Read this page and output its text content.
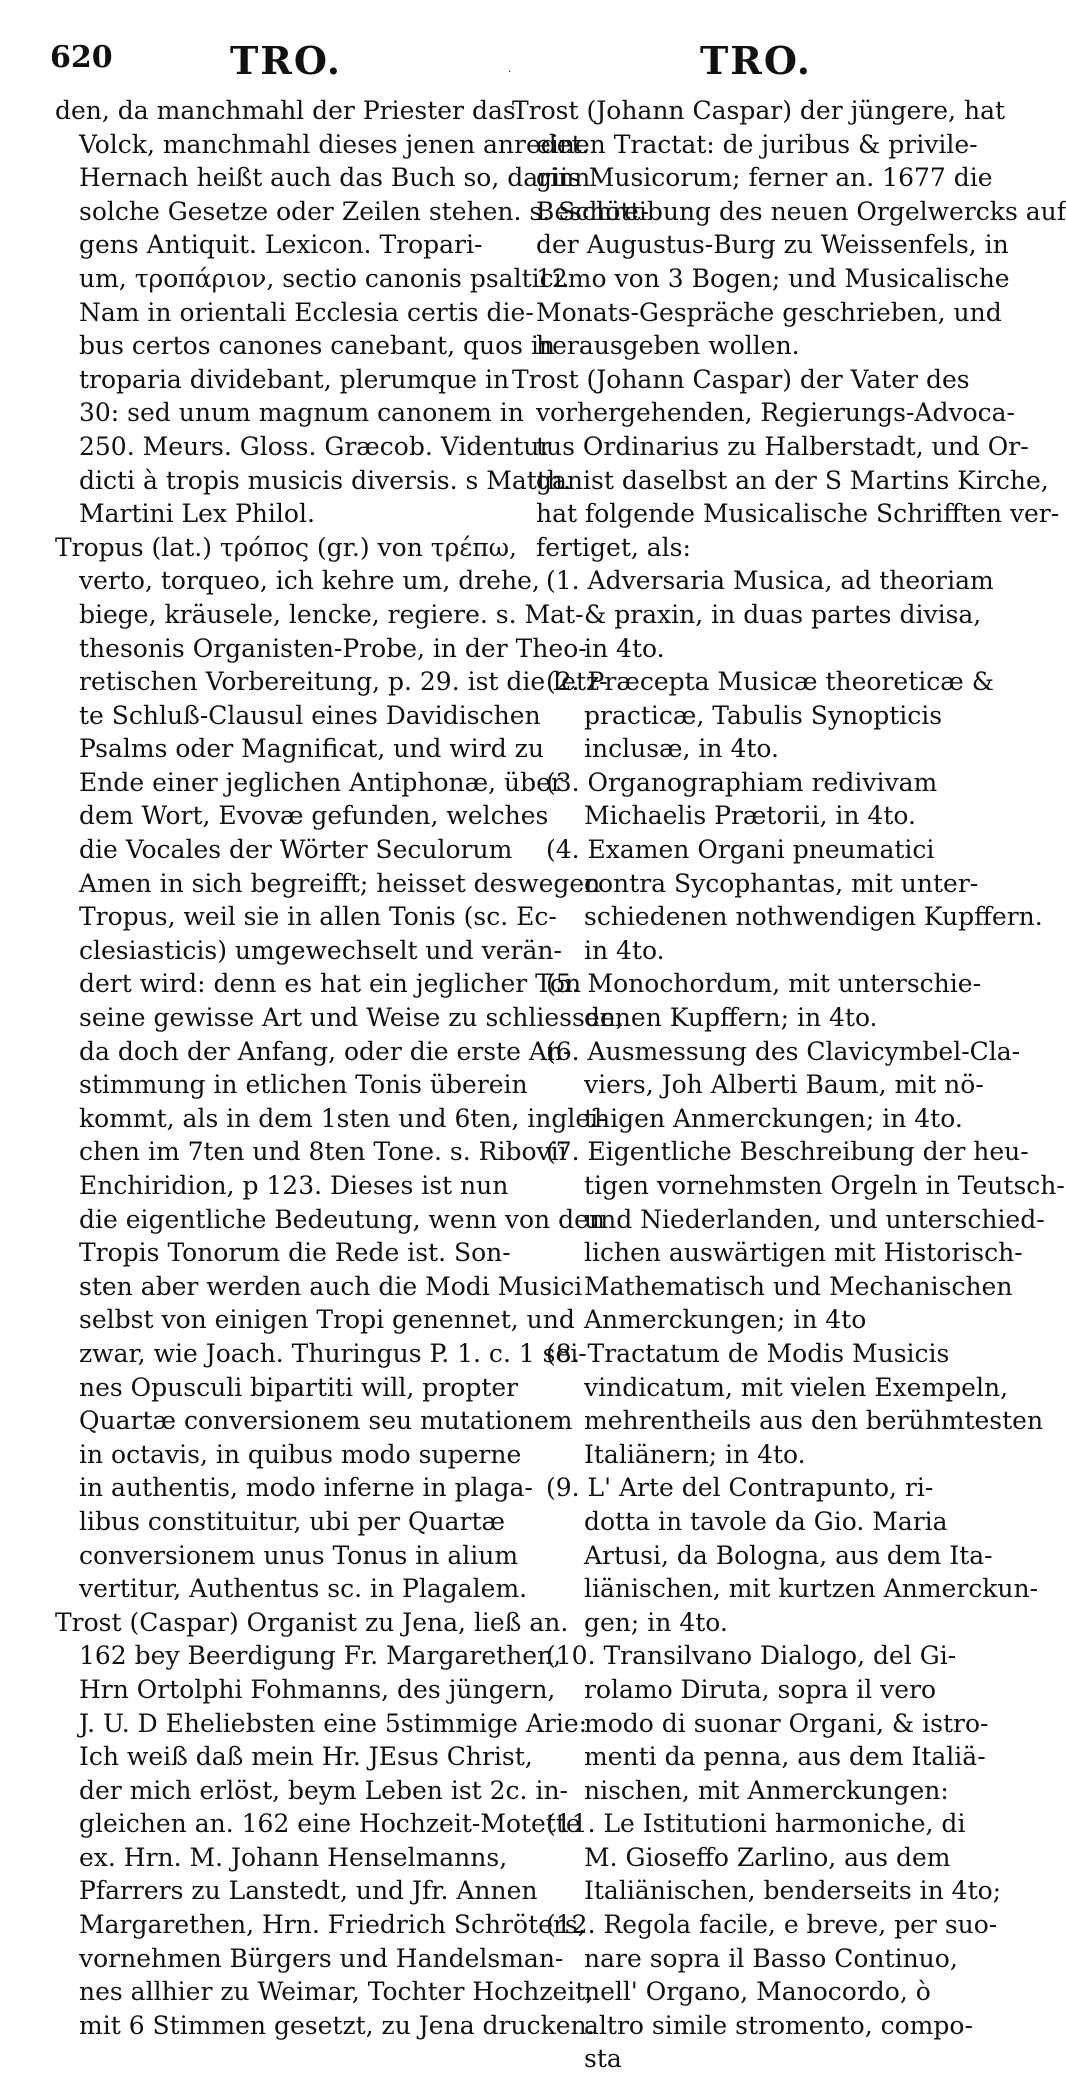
620	TRO.	.	TRO.
den, da manchmahl der Priester das
Volck, manchmahl dieses jenen anredet.
Hernach heißt auch das Buch so, darinn
solche Gesetze oder Zeilen stehen. s. Schött-
gens Antiquit. Lexicon. Tropari-
um, τροπάριον, sectio canonis psaltici.
Nam in orientali Ecclesia certis die-
bus certos canones canebant, quos in
troparia dividebant, plerumque in
30: sed unum magnum canonem in
250. Meurs. Gloss. Græcob. Videntur
dicti à tropis musicis diversis. s Matth.
Martini Lex Philol.
Tropus (lat.) τρόπος (gr.) von τρέπω,
verto, torqueo, ich kehre um, drehe,
biege, kräusele, lencke, regiere. s. Mat-
thesonis Organisten-Probe, in der Theo-
retischen Vorbereitung, p. 29. ist die letz-
te Schluß-Clausul eines Davidischen
Psalms oder Magnificat, und wird zu
Ende einer jeglichen Antiphonæ, über
dem Wort, Evovæ gefunden, welches
die Vocales der Wörter Seculorum
Amen in sich begreifft; heisset deswegen
Tropus, weil sie in allen Tonis (sc. Ec-
clesiasticis) umgewechselt und verän-
dert wird: denn es hat ein jeglicher Ton
seine gewisse Art und Weise zu schliessen,
da doch der Anfang, oder die erste An-
stimmung in etlichen Tonis überein
kommt, als in dem 1sten und 6ten, inglei-
chen im 7ten und 8ten Tone. s. Ribovii
Enchiridion, p 123. Dieses ist nun
die eigentliche Bedeutung, wenn von den
Tropis Tonorum die Rede ist. Son-
sten aber werden auch die Modi Musici
selbst von einigen Tropi genennet, und
zwar, wie Joach. Thuringus P. 1. c. 1 sei-
nes Opusculi bipartiti will, propter
Quartæ conversionem seu mutationem
in octavis, in quibus modo superne
in authentis, modo inferne in plaga-
libus constituitur, ubi per Quartæ
conversionem unus Tonus in alium
vertitur, Authentus sc. in Plagalem.
Trost (Caspar) Organist zu Jena, ließ an.
162 bey Beerdigung Fr. Margarethen,
Hrn Ortolphi Fohmanns, des jüngern,
J. U. D Eheliebsten eine 5stimmige Arie:
Ich weiß daß mein Hr. JEsus Christ,
der mich erlöst, beym Leben ist 2c. in-
gleichen an. 162 eine Hochzeit-Motette
ex. Hrn. M. Johann Henselmanns,
Pfarrers zu Lanstedt, und Jfr. Annen
Margarethen, Hrn. Friedrich Schröters,
vornehmen Bürgers und Handelsman-
nes allhier zu Weimar, Tochter Hochzeit,
mit 6 Stimmen gesetzt, zu Jena drucken.
Trost (Johann Caspar) der jüngere, hat
einen Tractat: de juribus & privile-
giis Musicorum; ferner an. 1677 die
Beschreibung des neuen Orgelwercks auf
der Augustus-Burg zu Weissenfels, in
12mo von 3 Bogen; und Musicalische
Monats-Gespräche geschrieben, und
herausgeben wollen.
Trost (Johann Caspar) der Vater des
vorhergehenden, Regierungs-Advoca-
tus Ordinarius zu Halberstadt, und Or-
ganist daselbst an der S Martins Kirche,
hat folgende Musicalische Schrifften ver-
fertiget, als:
(1. Adversaria Musica, ad theoriam
& praxin, in duas partes divisa,
in 4to.
(2. Præcepta Musicæ theoreticæ &
practicæ, Tabulis Synopticis
inclusæ, in 4to.
(3. Organographiam redivivam
Michaelis Prætorii, in 4to.
(4. Examen Organi pneumatici
contra Sycophantas, mit unter-
schiedenen nothwendigen Kupffern.
in 4to.
(5. Monochordum, mit unterschie-
denen Kupffern; in 4to.
(6. Ausmessung des Clavicymbel-Cla-
viers, Joh Alberti Baum, mit nö-
thigen Anmerckungen; in 4to.
(7. Eigentliche Beschreibung der heu-
tigen vornehmsten Orgeln in Teutsch-
und Niederlanden, und unterschied-
lichen auswärtigen mit Historisch-
Mathematisch und Mechanischen
Anmerckungen; in 4to
(8. Tractatum de Modis Musicis
vindicatum, mit vielen Exempeln,
mehrentheils aus den berühmtesten
Italiänern; in 4to.
(9. L' Arte del Contrapunto, ri-
dotta in tavole da Gio. Maria
Artusi, da Bologna, aus dem Ita-
liänischen, mit kurtzen Anmerckun-
gen; in 4to.
(10. Transilvano Dialogo, del Gi-
rolamo Diruta, sopra il vero
modo di suonar Organi, & istro-
menti da penna, aus dem Italiä-
nischen, mit Anmerckungen:
(11. Le Istitutioni harmoniche, di
M. Gioseffo Zarlino, aus dem
Italiänischen, benderseits in 4to;
(12. Regola facile, e breve, per suo-
nare sopra il Basso Continuo,
nell' Organo, Manocordo, ò
altro simile stromento, compo-
sta
